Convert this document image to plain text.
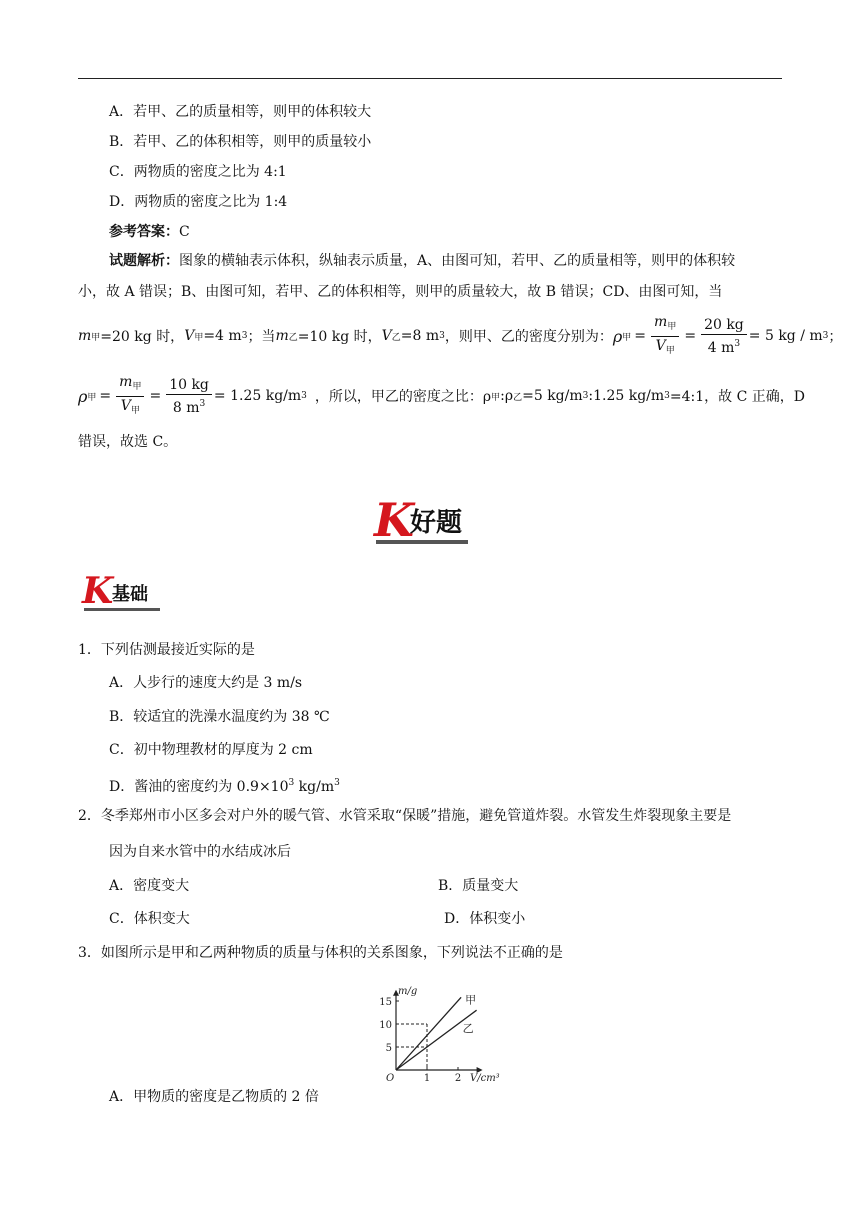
A．若甲、乙的质量相等，则甲的体积较大
B．若甲、乙的体积相等，则甲的质量较小
C．两物质的密度之比为 4:1
D．两物质的密度之比为 1:4
参考答案：C
试题解析：图象的横轴表示体积，纵轴表示质量，A、由图可知，若甲、乙的质量相等，则甲的体积较
小，故 A 错误；B、由图可知，若甲、乙的体积相等，则甲的质量较大，故 B 错误；CD、由图可知，当
m 甲 =20 kg 时， V 甲 =4 m 3 ；当 m 乙 =10 kg 时， V 乙 =8 m 3 ，则甲、乙的密度分别为： ρ 甲 = $\frac{m_甲}{V_甲} = \frac{20 kg}{4 m^3} = 5$ kg / m 3 ；
ρ 甲 = $\frac{m_甲}{V_甲} = \frac{10 kg}{8 m^3} = 1.25$ kg/m 3 ，所以，甲乙的密度之比：ρ 甲 :ρ 乙 =5 kg/m 3 :1.25 kg/m 3 =4:1，故 C 正确，D
错误，故选 C。
K
好题
K
基础
1．下列估测最接近实际的是
A．人步行的速度大约是 3 m/s
B．较适宜的洗澡水温度约为 38 ℃
C．初中物理教材的厚度为 2 cm
D．酱油的密度约为 $0.9\times 10^3$ $kg/m^3$
2．冬季郑州市小区多会对户外的暖气管、水管采取“保暖”措施，避免管道炸裂。水管发生炸裂现象主要是
因为自来水管中的水结成冰后
A．密度变大	B．质量变大
C．体积变大	D．体积变小
3．如图所示是甲和乙两种物质的质量与体积的关系图象，下列说法不正确的是
5
10
15
1 2
O
m/g
V/cm³
甲
乙
A．甲物质的密度是乙物质的 2 倍
